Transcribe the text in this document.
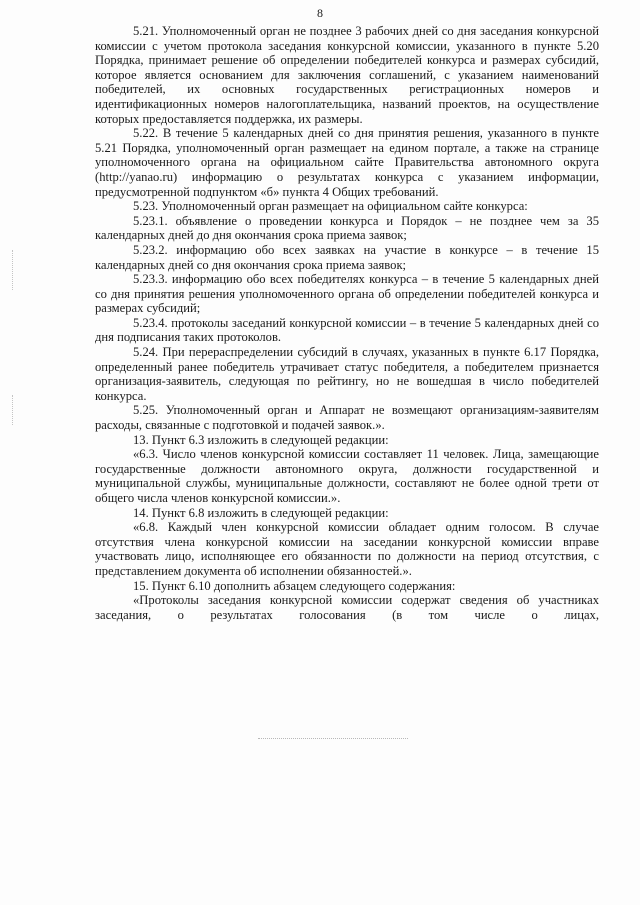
8

5.21. Уполномоченный орган не позднее 3 рабочих дней со дня заседания конкурсной комиссии с учетом протокола заседания конкурсной комиссии, указанного в пункте 5.20 Порядка, принимает решение об определении победителей конкурса и размерах субсидий, которое является основанием для заключения соглашений, с указанием наименований победителей, их основных государственных регистрационных номеров и идентификационных номеров налогоплательщика, названий проектов, на осуществление которых предоставляется поддержка, их размеры.

5.22. В течение 5 календарных дней со дня принятия решения, указанного в пункте 5.21 Порядка, уполномоченный орган размещает на едином портале, а также на странице уполномоченного органа на официальном сайте Правительства автономного округа (http://yanao.ru) информацию о результатах конкурса с указанием информации, предусмотренной подпунктом «б» пункта 4 Общих требований.

5.23. Уполномоченный орган размещает на официальном сайте конкурса:

5.23.1. объявление о проведении конкурса и Порядок – не позднее чем за 35 календарных дней до дня окончания срока приема заявок;

5.23.2. информацию обо всех заявках на участие в конкурсе – в течение 15 календарных дней со дня окончания срока приема заявок;

5.23.3. информацию обо всех победителях конкурса – в течение 5 календарных дней со дня принятия решения уполномоченного органа об определении победителей конкурса и размерах субсидий;

5.23.4. протоколы заседаний конкурсной комиссии – в течение 5 календарных дней со дня подписания таких протоколов.

5.24. При перераспределении субсидий в случаях, указанных в пункте 6.17 Порядка, определенный ранее победитель утрачивает статус победителя, а победителем признается организация-заявитель, следующая по рейтингу, но не вошедшая в число победителей конкурса.

5.25. Уполномоченный орган и Аппарат не возмещают организациям-заявителям расходы, связанные с подготовкой и подачей заявок.».

13. Пункт 6.3 изложить в следующей редакции:

«6.3. Число членов конкурсной комиссии составляет 11 человек. Лица, замещающие государственные должности автономного округа, должности государственной и муниципальной службы, муниципальные должности, составляют не более одной трети от общего числа членов конкурсной комиссии.».

14. Пункт 6.8 изложить в следующей редакции:

«6.8. Каждый член конкурсной комиссии обладает одним голосом. В случае отсутствия члена конкурсной комиссии на заседании конкурсной комиссии вправе участвовать лицо, исполняющее его обязанности по должности на период отсутствия, с представлением документа об исполнении обязанностей.».

15. Пункт 6.10 дополнить абзацем следующего содержания:

«Протоколы заседания конкурсной комиссии содержат сведения об участниках заседания, о результатах голосования (в том числе о лицах,
